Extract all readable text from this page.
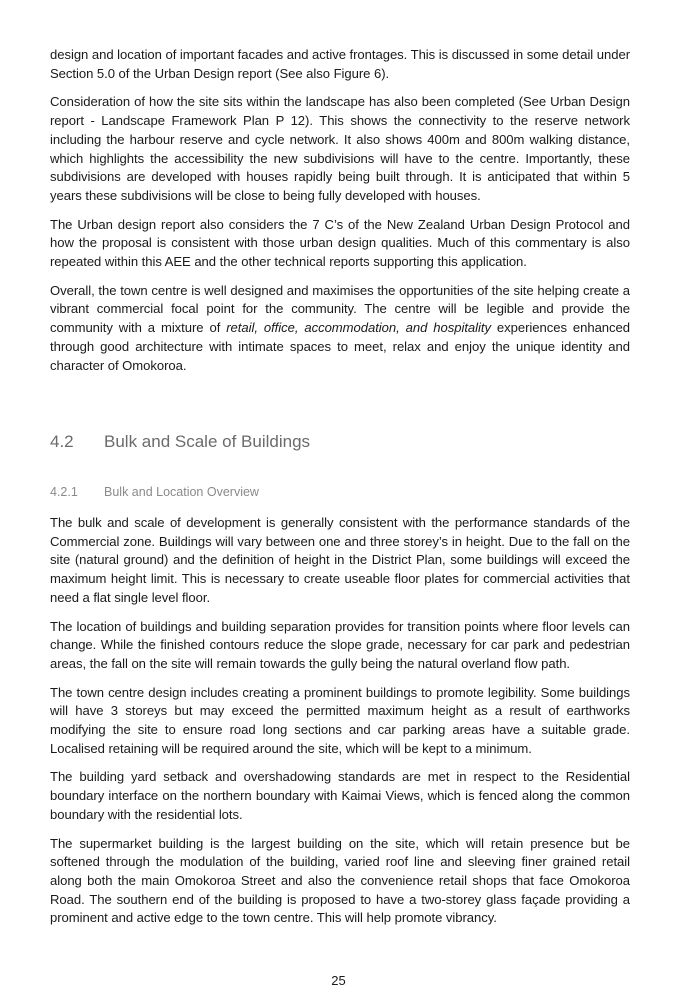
design and location of important facades and active frontages. This is discussed in some detail under Section 5.0 of the Urban Design report (See also Figure 6).

Consideration of how the site sits within the landscape has also been completed (See Urban Design report - Landscape Framework Plan P 12). This shows the connectivity to the reserve network including the harbour reserve and cycle network. It also shows 400m and 800m walking distance, which highlights the accessibility the new subdivisions will have to the centre. Importantly, these subdivisions are developed with houses rapidly being built through. It is anticipated that within 5 years these subdivisions will be close to being fully developed with houses.

The Urban design report also considers the 7 C’s of the New Zealand Urban Design Protocol and how the proposal is consistent with those urban design qualities. Much of this commentary is also repeated within this AEE and the other technical reports supporting this application.

Overall, the town centre is well designed and maximises the opportunities of the site helping create a vibrant commercial focal point for the community. The centre will be legible and provide the community with a mixture of retail, office, accommodation, and hospitality experiences enhanced through good architecture with intimate spaces to meet, relax and enjoy the unique identity and character of Omokoroa.

4.2 Bulk and Scale of Buildings
4.2.1 Bulk and Location Overview

The bulk and scale of development is generally consistent with the performance standards of the Commercial zone. Buildings will vary between one and three storey’s in height. Due to the fall on the site (natural ground) and the definition of height in the District Plan, some buildings will exceed the maximum height limit. This is necessary to create useable floor plates for commercial activities that need a flat single level floor.

The location of buildings and building separation provides for transition points where floor levels can change. While the finished contours reduce the slope grade, necessary for car park and pedestrian areas, the fall on the site will remain towards the gully being the natural overland flow path.

The town centre design includes creating a prominent buildings to promote legibility. Some buildings will have 3 storeys but may exceed the permitted maximum height as a result of earthworks modifying the site to ensure road long sections and car parking areas have a suitable grade. Localised retaining will be required around the site, which will be kept to a minimum.

The building yard setback and overshadowing standards are met in respect to the Residential boundary interface on the northern boundary with Kaimai Views, which is fenced along the common boundary with the residential lots.

The supermarket building is the largest building on the site, which will retain presence but be softened through the modulation of the building, varied roof line and sleeving finer grained retail along both the main Omokoroa Street and also the convenience retail shops that face Omokoroa Road. The southern end of the building is proposed to have a two-storey glass façade providing a prominent and active edge to the town centre. This will help promote vibrancy.

25
